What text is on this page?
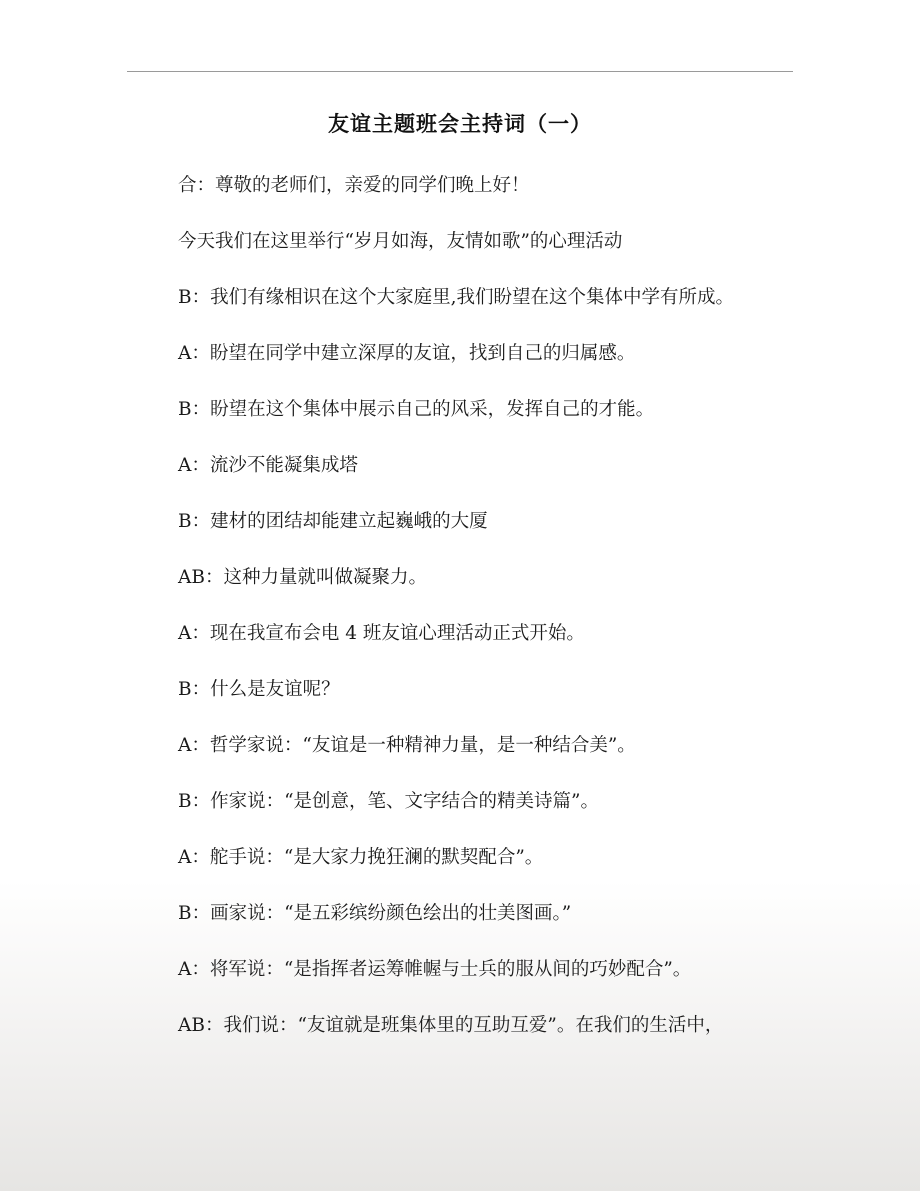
友谊主题班会主持词（一）

合：尊敬的老师们，亲爱的同学们晚上好！

今天我们在这里举行“岁月如海，友情如歌”的心理活动

B：我们有缘相识在这个大家庭里,我们盼望在这个集体中学有所成。

A：盼望在同学中建立深厚的友谊，找到自己的归属感。

B：盼望在这个集体中展示自己的风采，发挥自己的才能。

A：流沙不能凝集成塔

B：建材的团结却能建立起巍峨的大厦

AB：这种力量就叫做凝聚力。

A：现在我宣布会电 4 班友谊心理活动正式开始。

B：什么是友谊呢？

A：哲学家说：“友谊是一种精神力量，是一种结合美”。

B：作家说：“是创意，笔、文字结合的精美诗篇”。

A：舵手说：“是大家力挽狂澜的默契配合”。

B：画家说：“是五彩缤纷颜色绘出的壮美图画。”

A：将军说：“是指挥者运筹帷幄与士兵的服从间的巧妙配合”。

AB：我们说：“友谊就是班集体里的互助互爱”。在我们的生活中，
